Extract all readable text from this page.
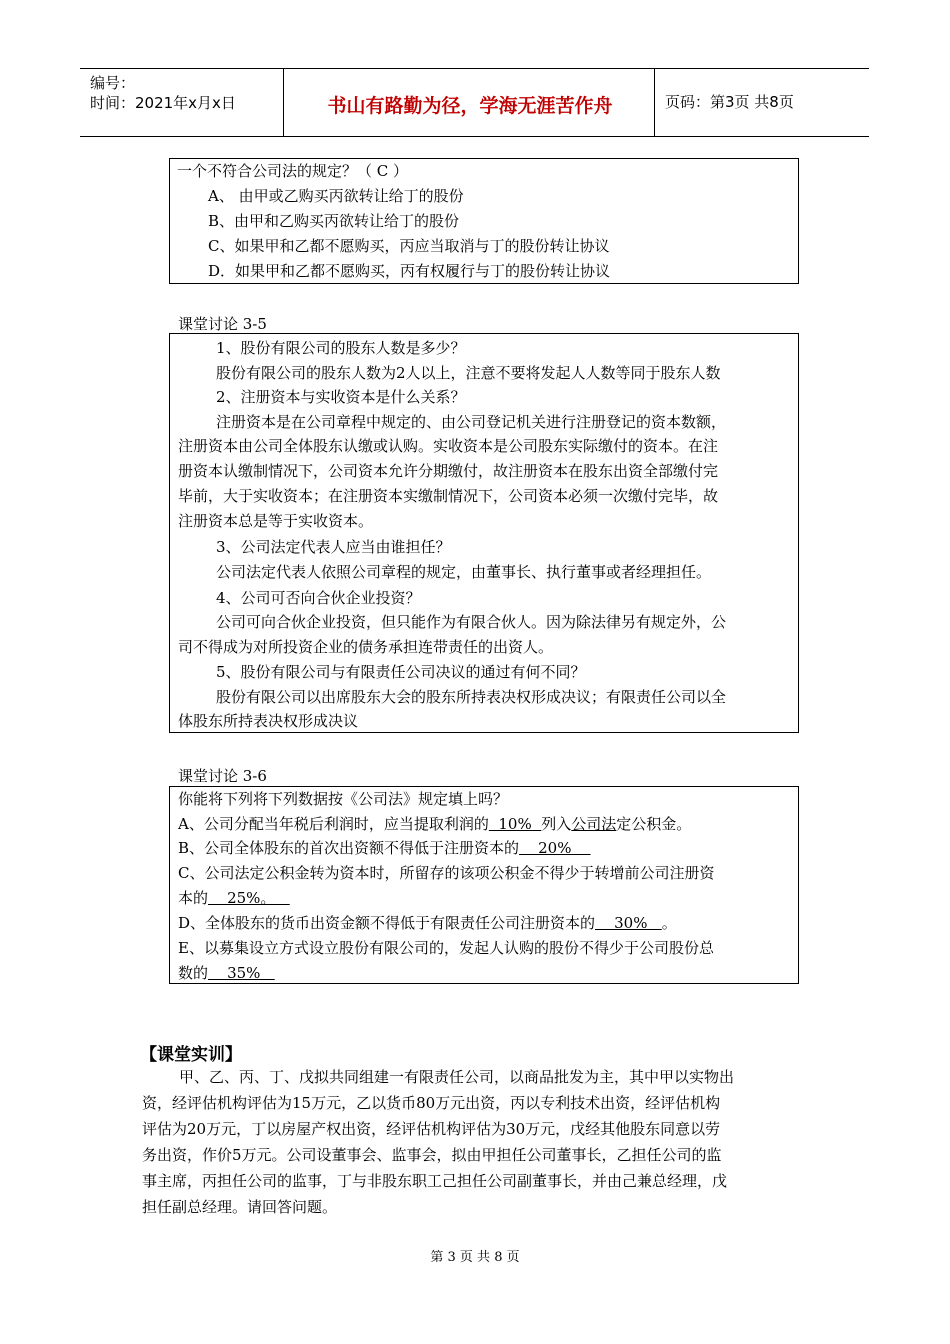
编号：
时间：2021年x月x日	书山有路勤为径，学海无涯苦作舟	页码：第3页 共8页
一个不符合公司法的规定？（ C ）
A、 由甲或乙购买丙欲转让给丁的股份
B、由甲和乙购买丙欲转让给丁的股份
C、如果甲和乙都不愿购买，丙应当取消与丁的股份转让协议
D．如果甲和乙都不愿购买，丙有权履行与丁的股份转让协议
课堂讨论 3-5
1、股份有限公司的股东人数是多少？
股份有限公司的股东人数为2人以上，注意不要将发起人人数等同于股东人数
2、注册资本与实收资本是什么关系？
注册资本是在公司章程中规定的、由公司登记机关进行注册登记的资本数额，
注册资本由公司全体股东认缴或认购。实收资本是公司股东实际缴付的资本。在注
册资本认缴制情况下，公司资本允许分期缴付，故注册资本在股东出资全部缴付完
毕前，大于实收资本；在注册资本实缴制情况下，公司资本必须一次缴付完毕，故
注册资本总是等于实收资本。
3、公司法定代表人应当由谁担任？
公司法定代表人依照公司章程的规定，由董事长、执行董事或者经理担任。
4、公司可否向合伙企业投资？
公司可向合伙企业投资，但只能作为有限合伙人。因为除法律另有规定外，公
司不得成为对所投资企业的债务承担连带责任的出资人。
5、股份有限公司与有限责任公司决议的通过有何不同？
股份有限公司以出席股东大会的股东所持表决权形成决议；有限责任公司以全
体股东所持表决权形成决议
课堂讨论 3-6
你能将下列将下列数据按《公司法》规定填上吗？
A、公司分配当年税后利润时，应当提取利润的  10%  列入公司法定公积金。
B、公司全体股东的首次出资额不得低于注册资本的    20%
C、公司法定公积金转为资本时，所留存的该项公积金不得少于转增前公司注册资
本的    25%。
D、全体股东的货币出资金额不得低于有限责任公司注册资本的    30%   。
E、以募集设立方式设立股份有限公司的，发起人认购的股份不得少于公司股份总
数的    35%
【课堂实训】
甲、乙、丙、丁、戊拟共同组建一有限责任公司，以商品批发为主，其中甲以实物出
资，经评估机构评估为15万元，乙以货币80万元出资，丙以专利技术出资，经评估机构
评估为20万元，丁以房屋产权出资，经评估机构评估为30万元，戊经其他股东同意以劳
务出资，作价5万元。公司设董事会、监事会，拟由甲担任公司董事长，乙担任公司的监
事主席，丙担任公司的监事，丁与非股东职工己担任公司副董事长，并由己兼总经理，戊
担任副总经理。请回答问题。
第 3 页 共 8 页
